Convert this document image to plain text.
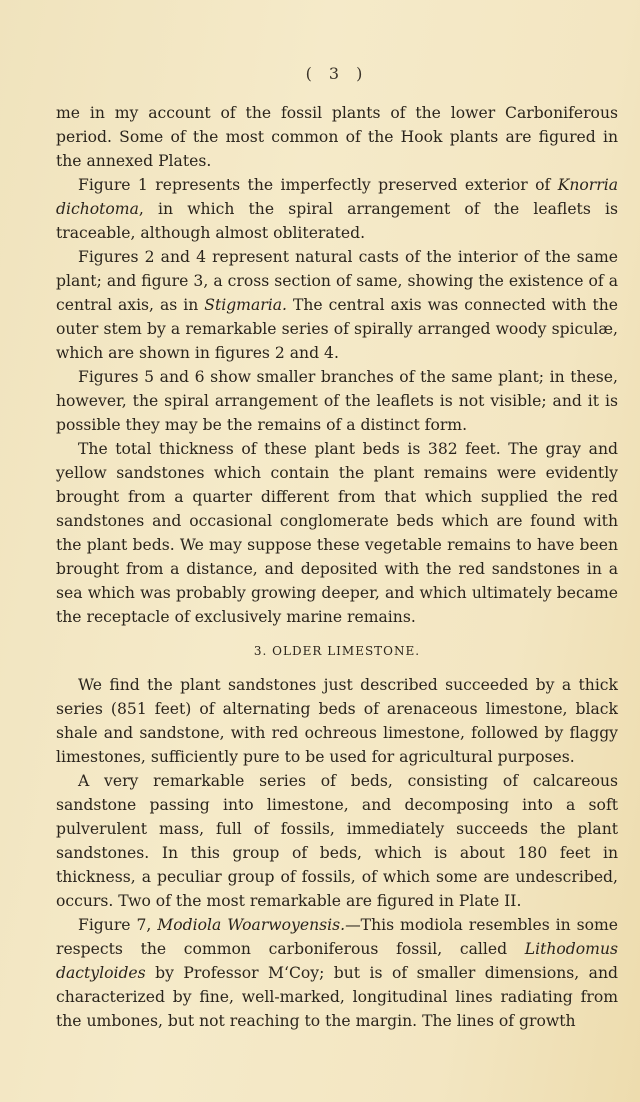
( 3 )

me in my account of the fossil plants of the lower Carboniferous period. Some of the most common of the Hook plants are figured in the annexed Plates.

Figure 1 represents the imperfectly preserved exterior of Knorria dichotoma, in which the spiral arrangement of the leaflets is traceable, although almost obliterated.

Figures 2 and 4 represent natural casts of the interior of the same plant; and figure 3, a cross section of same, showing the existence of a central axis, as in Stigmaria. The central axis was connected with the outer stem by a remarkable series of spirally arranged woody spiculæ, which are shown in figures 2 and 4.

Figures 5 and 6 show smaller branches of the same plant; in these, however, the spiral arrangement of the leaflets is not visible; and it is possible they may be the remains of a distinct form.

The total thickness of these plant beds is 382 feet. The gray and yellow sandstones which contain the plant remains were evidently brought from a quarter different from that which supplied the red sandstones and occasional conglomerate beds which are found with the plant beds. We may suppose these vegetable remains to have been brought from a distance, and deposited with the red sandstones in a sea which was probably growing deeper, and which ultimately became the receptacle of exclusively marine remains.

3. OLDER LIMESTONE.

We find the plant sandstones just described succeeded by a thick series (851 feet) of alternating beds of arenaceous limestone, black shale and sandstone, with red ochreous limestone, followed by flaggy limestones, sufficiently pure to be used for agricultural purposes.

A very remarkable series of beds, consisting of calcareous sandstone passing into limestone, and decomposing into a soft pulverulent mass, full of fossils, immediately succeeds the plant sandstones. In this group of beds, which is about 180 feet in thickness, a peculiar group of fossils, of which some are undescribed, occurs. Two of the most remarkable are figured in Plate II.

Figure 7, Modiola Woarwoyensis.—This modiola resembles in some respects the common carboniferous fossil, called Lithodomus dactyloides by Professor M‘Coy; but is of smaller dimensions, and characterized by fine, well-marked, longitudinal lines radiating from the umbones, but not reaching to the margin. The lines of growth
